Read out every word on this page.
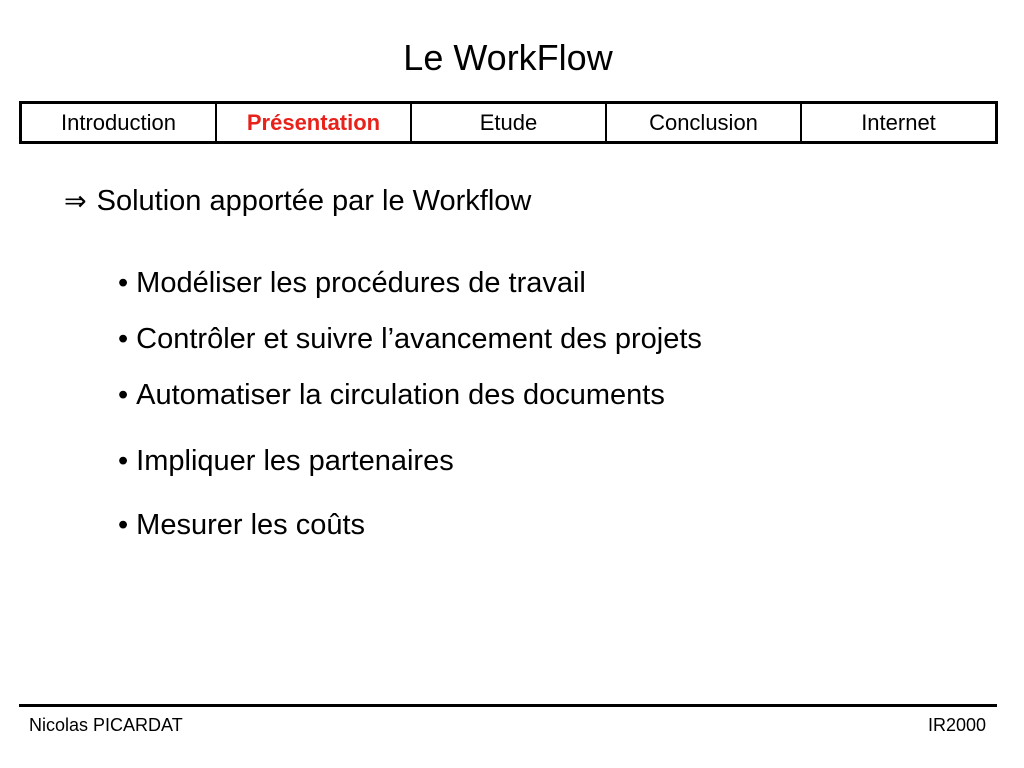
Le WorkFlow
Introduction	Présentation	Etude	Conclusion	Internet
⇒ Solution apportée par le Workflow
• Modéliser les procédures de travail
• Contrôler et suivre l’avancement des projets
• Automatiser la circulation des documents
• Impliquer les partenaires
• Mesurer les coûts
Nicolas PICARDAT	IR2000
